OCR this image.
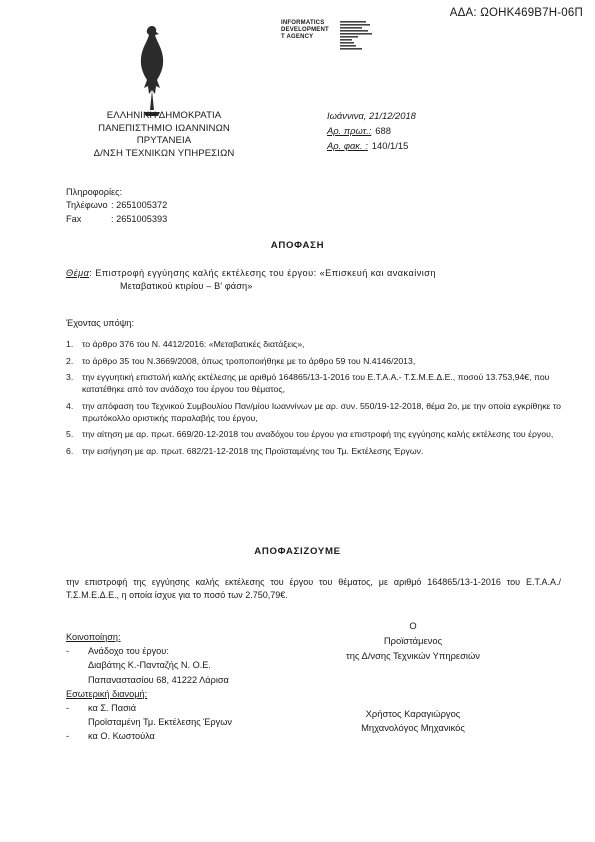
ΑΔΑ: ΩΟΗΚ469Β7Η-06Π
INFORMATICS
DEVELOPMENT
T AGENCY
ΕΛΛΗΝΙΚΗ ΔΗΜΟΚΡΑΤΙΑ
ΠΑΝΕΠΙΣΤΗΜΙΟ ΙΩΑΝΝΙΝΩΝ
ΠΡΥΤΑΝΕΙΑ
Δ/ΝΣΗ ΤΕΧΝΙΚΩΝ ΥΠΗΡΕΣΙΩΝ
Ιωάννινα, 21/12/2018
Αρ. πρωτ.: 688
Αρ. φακ. : 140/1/15
Πληροφορίες:
Τηλέφωνο : 2651005372
Fax	: 2651005393
ΑΠΟΦΑΣΗ
Θέμα: Επιστροφή εγγύησης καλής εκτέλεσης του έργου: «Επισκευή και ανακαίνιση
Μεταβατικού κτιρίου – Β’ φάση»
Έχοντας υπόψη:
1.	το άρθρο 376 του Ν. 4412/2016: «Μεταβατικές διατάξεις»,
2.	το άρθρο 35 του Ν.3669/2008, όπως τροποποιήθηκε με το άρθρο 59 του Ν.4146/2013,
3.	την εγγυητική επιστολή καλής εκτέλεσης με αριθμό 164865/13-1-2016 του Ε.Τ.Α.Α.- Τ.Σ.Μ.Ε.Δ.Ε., ποσού 13.753,94€, που κατατέθηκε από τον ανάδοχο του έργου του θέματος,
4.	την απόφαση του Τεχνικού Συμβουλίου Παν/μίου Ιωαννίνων με αρ. συν. 550/19-12-2018, θέμα 2ο, με την οποία εγκρίθηκε το πρωτόκολλο οριστικής παραλαβής του έργου,
5.	την αίτηση με αρ. πρωτ. 669/20-12-2018 του αναδόχου του έργου για επιστροφή της εγγύησης καλής εκτέλεσης του έργου,
6.	την εισήγηση με αρ. πρωτ. 682/21-12-2018 της Προϊσταμένης του Τμ. Εκτέλεσης Έργων.
ΑΠΟΦΑΣΙΖΟΥΜΕ
την επιστροφή της εγγύησης καλής εκτέλεσης του έργου του θέματος, με αριθμό 164865/13-1-2016 του Ε.Τ.Α.Α./Τ.Σ.Μ.Ε.Δ.Ε., η οποία ίσχυε για το ποσό των 2.750,79€.
Ο
Προϊστάμενος
της Δ/νσης Τεχνικών Υπηρεσιών
Χρήστος Καραγιώργος
Μηχανολόγος Μηχανικός
Κοινοποίηση:
-	Ανάδοχο του έργου:
Διαβάτης Κ.-Πανταζής Ν. Ο.Ε.
Παπαναστασίου 68, 41222 Λάρισα
Εσωτερική διανομή:
-	κα Σ. Πασιά
Προϊσταμένη Τμ. Εκτέλεσης Έργων
-	κα Ο. Κωστούλα
